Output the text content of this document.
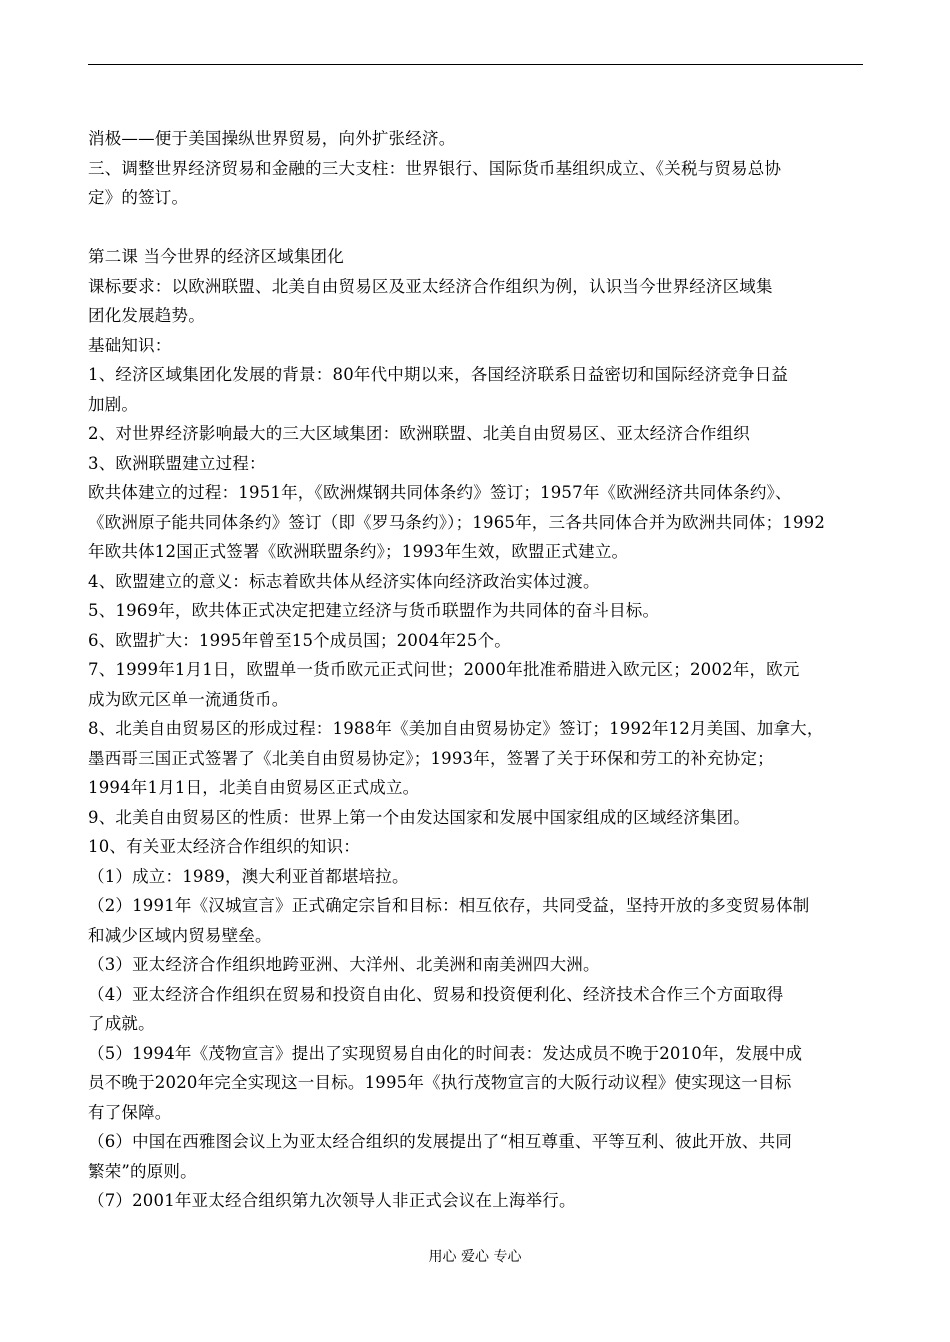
消极——便于美国操纵世界贸易，向外扩张经济。
三、调整世界经济贸易和金融的三大支柱：世界银行、国际货币基组织成立、《关税与贸易总协
定》的签订。
第二课 当今世界的经济区域集团化
课标要求：以欧洲联盟、北美自由贸易区及亚太经济合作组织为例，认识当今世界经济区域集
团化发展趋势。
基础知识：
1、经济区域集团化发展的背景：80年代中期以来，各国经济联系日益密切和国际经济竞争日益
加剧。
2、对世界经济影响最大的三大区域集团：欧洲联盟、北美自由贸易区、亚太经济合作组织
3、欧洲联盟建立过程：
欧共体建立的过程：1951年，《欧洲煤钢共同体条约》签订；1957年《欧洲经济共同体条约》、
《欧洲原子能共同体条约》签订（即《罗马条约》）；1965年，三各共同体合并为欧洲共同体；1992
年欧共体12国正式签署《欧洲联盟条约》；1993年生效，欧盟正式建立。
4、欧盟建立的意义：标志着欧共体从经济实体向经济政治实体过渡。
5、1969年，欧共体正式决定把建立经济与货币联盟作为共同体的奋斗目标。
6、欧盟扩大：1995年曾至15个成员国；2004年25个。
7、1999年1月1日，欧盟单一货币欧元正式问世；2000年批准希腊进入欧元区；2002年，欧元
成为欧元区单一流通货币。
8、北美自由贸易区的形成过程：1988年《美加自由贸易协定》签订；1992年12月美国、加拿大，
墨西哥三国正式签署了《北美自由贸易协定》；1993年，签署了关于环保和劳工的补充协定；
1994年1月1日，北美自由贸易区正式成立。
9、北美自由贸易区的性质：世界上第一个由发达国家和发展中国家组成的区域经济集团。
10、有关亚太经济合作组织的知识：
（1）成立：1989，澳大利亚首都堪培拉。
（2）1991年《汉城宣言》正式确定宗旨和目标：相互依存，共同受益，坚持开放的多变贸易体制
和减少区域内贸易壁垒。
（3）亚太经济合作组织地跨亚洲、大洋州、北美洲和南美洲四大洲。
（4）亚太经济合作组织在贸易和投资自由化、贸易和投资便利化、经济技术合作三个方面取得
了成就。
（5）1994年《茂物宣言》提出了实现贸易自由化的时间表：发达成员不晚于2010年，发展中成
员不晚于2020年完全实现这一目标。1995年《执行茂物宣言的大阪行动议程》使实现这一目标
有了保障。
（6）中国在西雅图会议上为亚太经合组织的发展提出了“相互尊重、平等互利、彼此开放、共同
繁荣”的原则。
（7）2001年亚太经合组织第九次领导人非正式会议在上海举行。
用心 爱心 专心
